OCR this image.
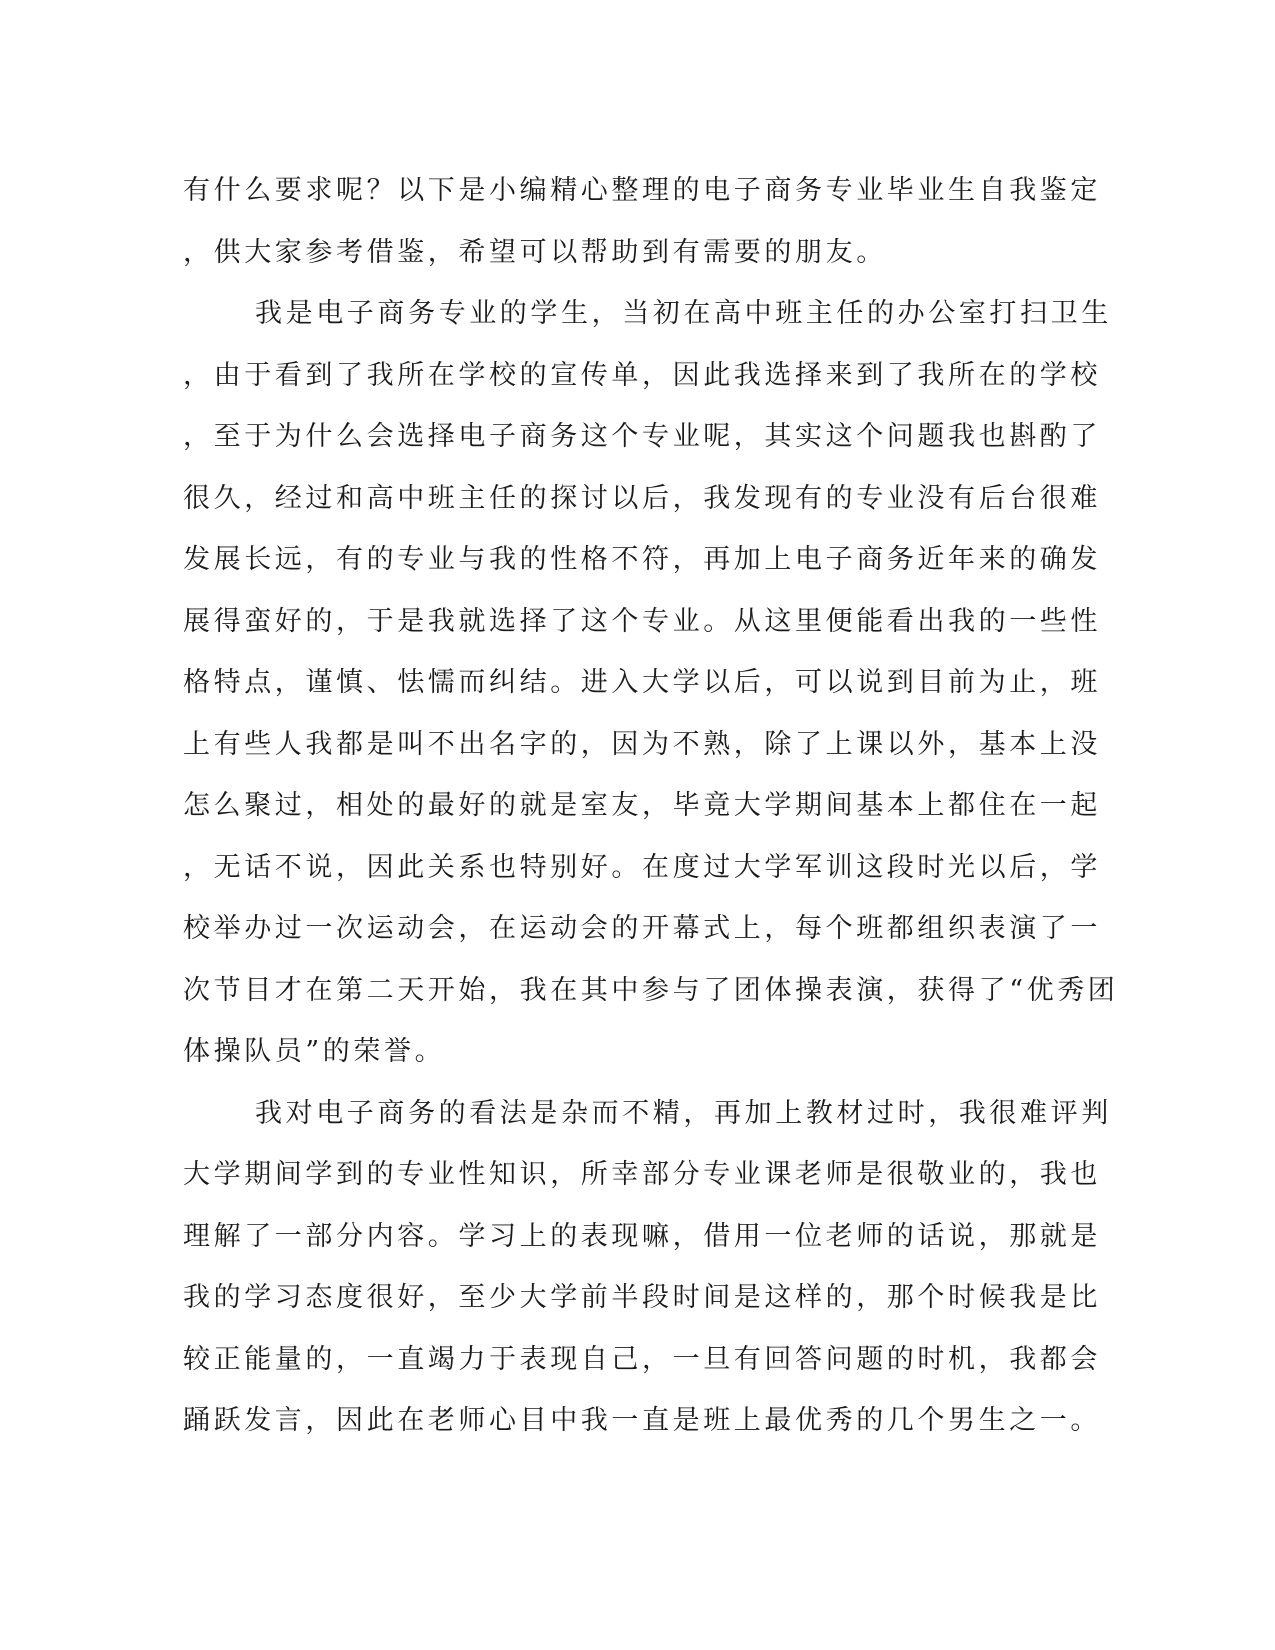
有什么要求呢？以下是小编精心整理的电子商务专业毕业生自我鉴定
，供大家参考借鉴，希望可以帮助到有需要的朋友。
我是电子商务专业的学生，当初在高中班主任的办公室打扫卫生
，由于看到了我所在学校的宣传单，因此我选择来到了我所在的学校
，至于为什么会选择电子商务这个专业呢，其实这个问题我也斟酌了
很久，经过和高中班主任的探讨以后，我发现有的专业没有后台很难
发展长远，有的专业与我的性格不符，再加上电子商务近年来的确发
展得蛮好的，于是我就选择了这个专业。从这里便能看出我的一些性
格特点，谨慎、怯懦而纠结。进入大学以后，可以说到目前为止，班
上有些人我都是叫不出名字的，因为不熟，除了上课以外，基本上没
怎么聚过，相处的最好的就是室友，毕竟大学期间基本上都住在一起
，无话不说，因此关系也特别好。在度过大学军训这段时光以后，学
校举办过一次运动会，在运动会的开幕式上，每个班都组织表演了一
次节目才在第二天开始，我在其中参与了团体操表演，获得了“优秀团
体操队员”的荣誉。
我对电子商务的看法是杂而不精，再加上教材过时，我很难评判
大学期间学到的专业性知识，所幸部分专业课老师是很敬业的，我也
理解了一部分内容。学习上的表现嘛，借用一位老师的话说，那就是
我的学习态度很好，至少大学前半段时间是这样的，那个时候我是比
较正能量的，一直竭力于表现自己，一旦有回答问题的时机，我都会
踊跃发言，因此在老师心目中我一直是班上最优秀的几个男生之一。
